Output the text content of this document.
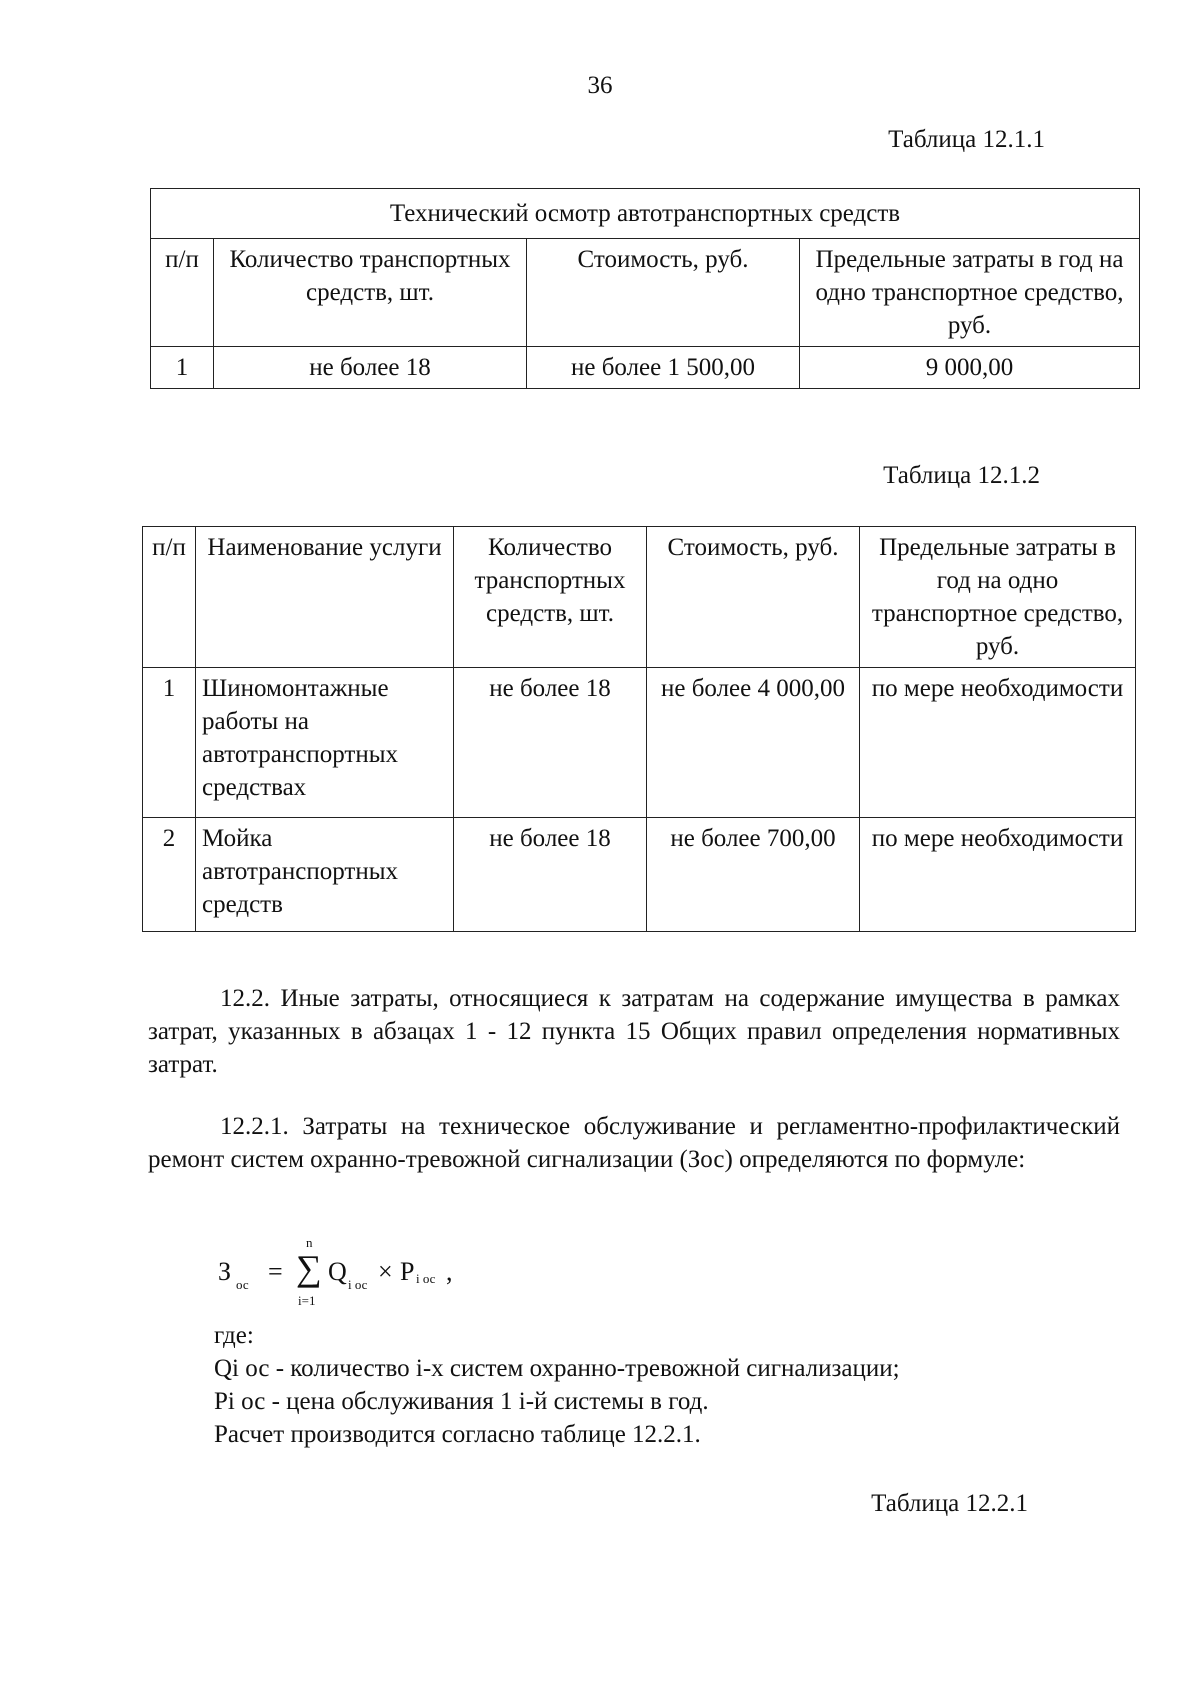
36
Таблица 12.1.1
Технический осмотр автотранспортных средств			
п/п	Количество транспортных средств, шт.	Стоимость, руб.	Предельные затраты в год на одно транспортное средство, руб.
1	не более 18	не более 1 500,00	9 000,00
Таблица 12.1.2
п/п	Наименование услуги	Количество транспортных средств, шт.	Стоимость, руб.	Предельные затраты в год на одно транспортное средство, руб.
1	Шиномонтажные работы на автотранспортных средствах	не более 18	не более 4 000,00	по мере необходимости
2	Мойка автотранспортных средств	не более 18	не более 700,00	по мере необходимости
12.2. Иные затраты, относящиеся к затратам на содержание имущества в рамках затрат, указанных в абзацах 1 - 12 пункта 15 Общих правил определения нормативных затрат.
12.2.1. Затраты на техническое обслуживание и регламентно-профилактический ремонт систем охранно-тревожной сигнализации (Зос) определяются по формуле:
З ос =
n
∑
i=1
Q i ос × P i ос ,
где:
Qi ос - количество i-х систем охранно-тревожной сигнализации;
Pi ос - цена обслуживания 1 i-й системы в год.
Расчет производится согласно таблице 12.2.1.
Таблица 12.2.1
